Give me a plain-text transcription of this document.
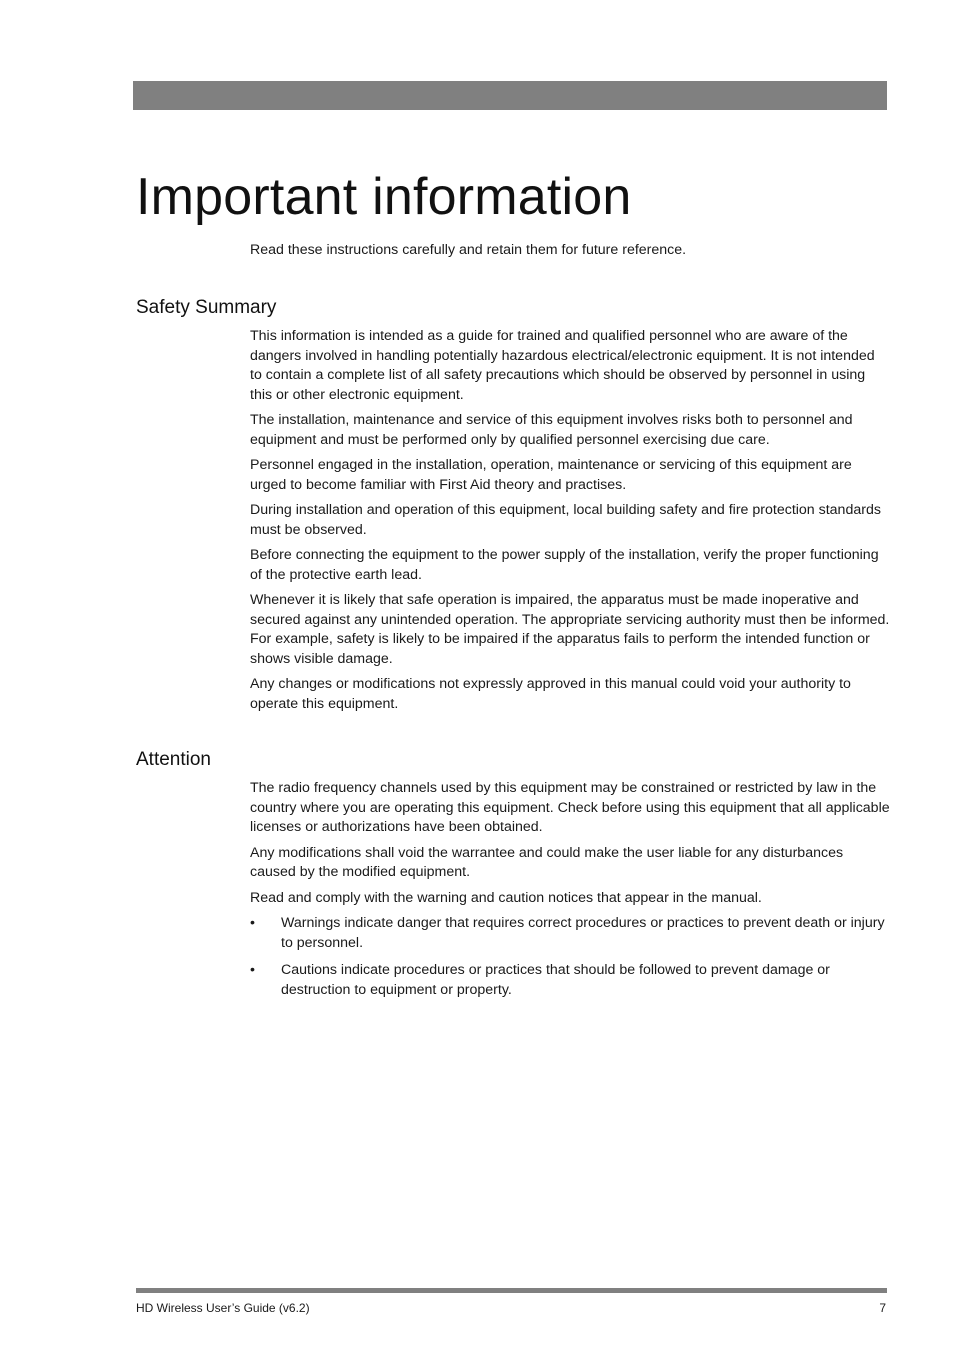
Important information

Read these instructions carefully and retain them for future reference.

Safety Summary

This information is intended as a guide for trained and qualified personnel who are aware of the dangers involved in handling potentially hazardous electrical/electronic equipment. It is not intended to contain a complete list of all safety precautions which should be observed by personnel in using this or other electronic equipment.

The installation, maintenance and service of this equipment involves risks both to personnel and equipment and must be performed only by qualified personnel exercising due care.

Personnel engaged in the installation, operation, maintenance or servicing of this equipment are urged to become familiar with First Aid theory and practises.

During installation and operation of this equipment, local building safety and fire protection standards must be observed.

Before connecting the equipment to the power supply of the installation, verify the proper functioning of the protective earth lead.

Whenever it is likely that safe operation is impaired, the apparatus must be made inoperative and secured against any unintended operation. The appropriate servicing authority must then be informed. For example, safety is likely to be impaired if the apparatus fails to perform the intended function or shows visible damage.

Any changes or modifications not expressly approved in this manual could void your authority to operate this equipment.

Attention

The radio frequency channels used by this equipment may be constrained or restricted by law in the country where you are operating this equipment. Check before using this equipment that all applicable licenses or authorizations have been obtained.

Any modifications shall void the warrantee and could make the user liable for any disturbances caused by the modified equipment.

Read and comply with the warning and caution notices that appear in the manual.

• Warnings indicate danger that requires correct procedures or practices to prevent death or injury to personnel.
• Cautions indicate procedures or practices that should be followed to prevent damage or destruction to equipment or property.
HD Wireless User’s Guide (v6.2)	7
